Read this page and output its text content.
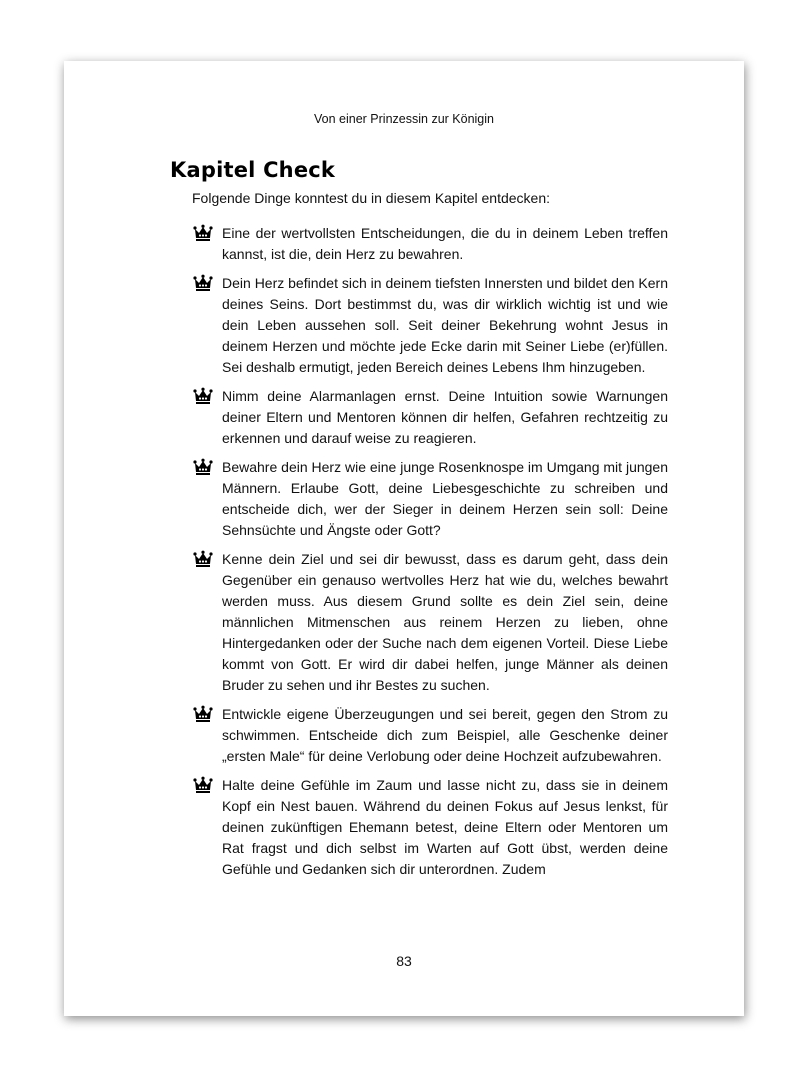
Von einer Prinzessin zur Königin
Kapitel Check

Folgende Dinge konntest du in diesem Kapitel entdecken:

Eine der wertvollsten Entscheidungen, die du in deinem Leben treffen kannst, ist die, dein Herz zu bewahren.
Dein Herz befindet sich in deinem tiefsten Innersten und bildet den Kern deines Seins. Dort bestimmst du, was dir wirklich wichtig ist und wie dein Leben aussehen soll. Seit deiner Bekehrung wohnt Jesus in deinem Herzen und möchte jede Ecke darin mit Seiner Liebe (er)füllen. Sei deshalb ermutigt, jeden Bereich deines Lebens Ihm hinzugeben.
Nimm deine Alarmanlagen ernst. Deine Intuition sowie Warnungen deiner Eltern und Mentoren können dir helfen, Gefahren rechtzeitig zu erkennen und darauf weise zu reagieren.
Bewahre dein Herz wie eine junge Rosenknospe im Umgang mit jungen Männern. Erlaube Gott, deine Liebesgeschichte zu schreiben und entscheide dich, wer der Sieger in deinem Herzen sein soll: Deine Sehnsüchte und Ängste oder Gott?
Kenne dein Ziel und sei dir bewusst, dass es darum geht, dass dein Gegenüber ein genauso wertvolles Herz hat wie du, welches bewahrt werden muss. Aus diesem Grund sollte es dein Ziel sein, deine männlichen Mitmenschen aus reinem Herzen zu lieben, ohne Hintergedanken oder der Suche nach dem eigenen Vorteil. Diese Liebe kommt von Gott. Er wird dir dabei helfen, junge Männer als deinen Bruder zu sehen und ihr Bestes zu suchen.
Entwickle eigene Überzeugungen und sei bereit, gegen den Strom zu schwimmen. Entscheide dich zum Beispiel, alle Geschenke deiner „ersten Male“ für deine Verlobung oder deine Hochzeit aufzubewahren.
Halte deine Gefühle im Zaum und lasse nicht zu, dass sie in deinem Kopf ein Nest bauen. Während du deinen Fokus auf Jesus lenkst, für deinen zukünftigen Ehemann betest, deine Eltern oder Mentoren um Rat fragst und dich selbst im Warten auf Gott übst, werden deine Gefühle und Gedanken sich dir unterordnen. Zudem
83
